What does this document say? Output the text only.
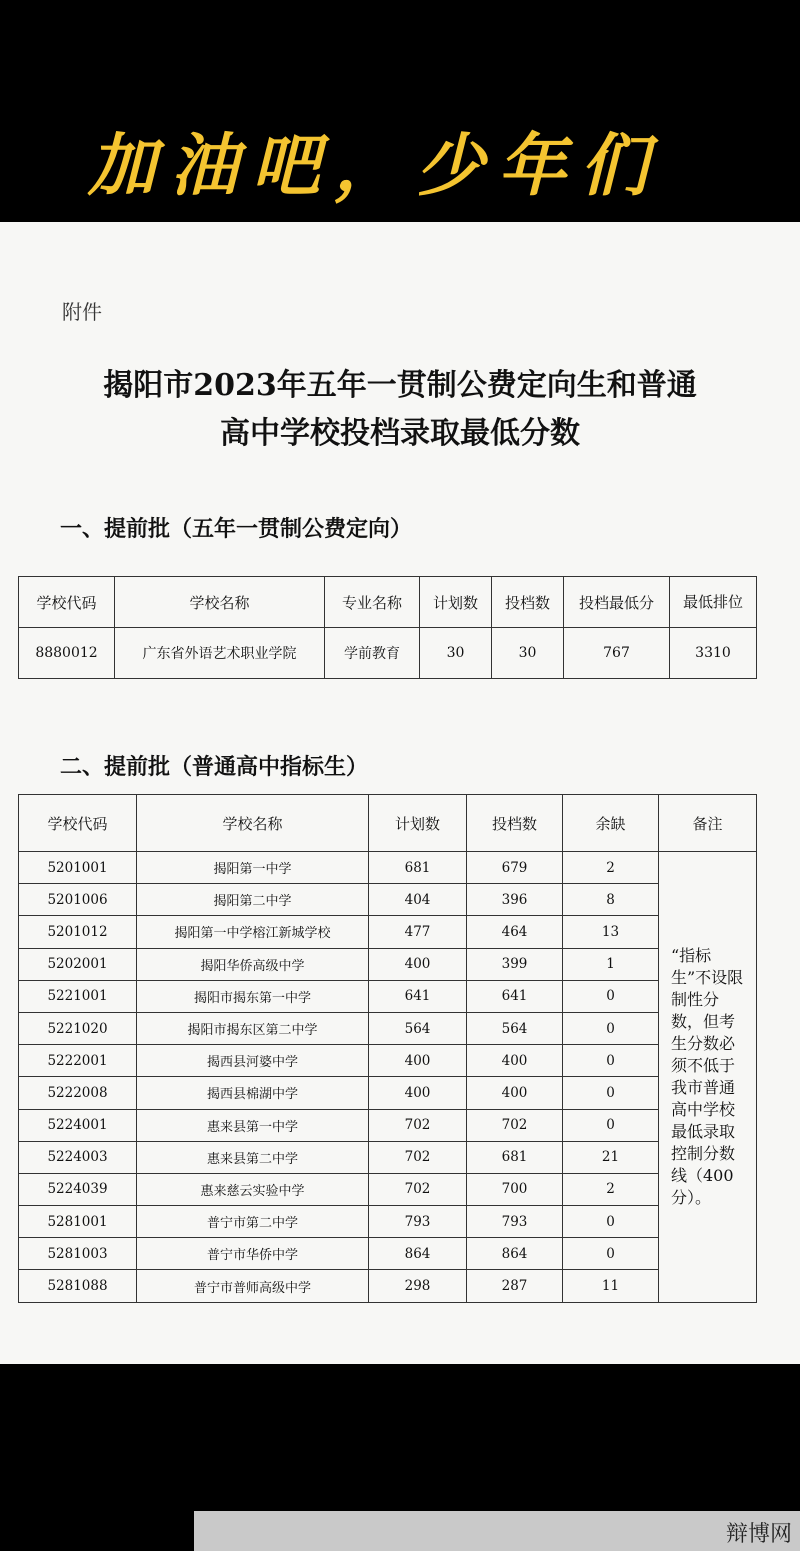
加油吧，少年们
附件
揭阳市2023年五年一贯制公费定向生和普通
高中学校投档录取最低分数
一、提前批（五年一贯制公费定向）
学校代码	学校名称	专业名称	计划数	投档数	投档最低分	最低排位
8880012	广东省外语艺术职业学院	学前教育	30	30	767	3310
二、提前批（普通高中指标生）
学校代码	学校名称	计划数	投档数	余缺	备注
5201001	揭阳第一中学	681	679	2	“指标生”不设限制性分数，但考生分数必须不低于我市普通高中学校最低录取控制分数线（400分）。
5201006	揭阳第二中学	404	396	8	
5201012	揭阳第一中学榕江新城学校	477	464	13	
5202001	揭阳华侨高级中学	400	399	1	
5221001	揭阳市揭东第一中学	641	641	0	
5221020	揭阳市揭东区第二中学	564	564	0	
5222001	揭西县河婆中学	400	400	0	
5222008	揭西县棉湖中学	400	400	0	
5224001	惠来县第一中学	702	702	0	
5224003	惠来县第二中学	702	681	21	
5224039	惠来慈云实验中学	702	700	2	
5281001	普宁市第二中学	793	793	0	
5281003	普宁市华侨中学	864	864	0	
5281088	普宁市普师高级中学	298	287	11	
辩博网
